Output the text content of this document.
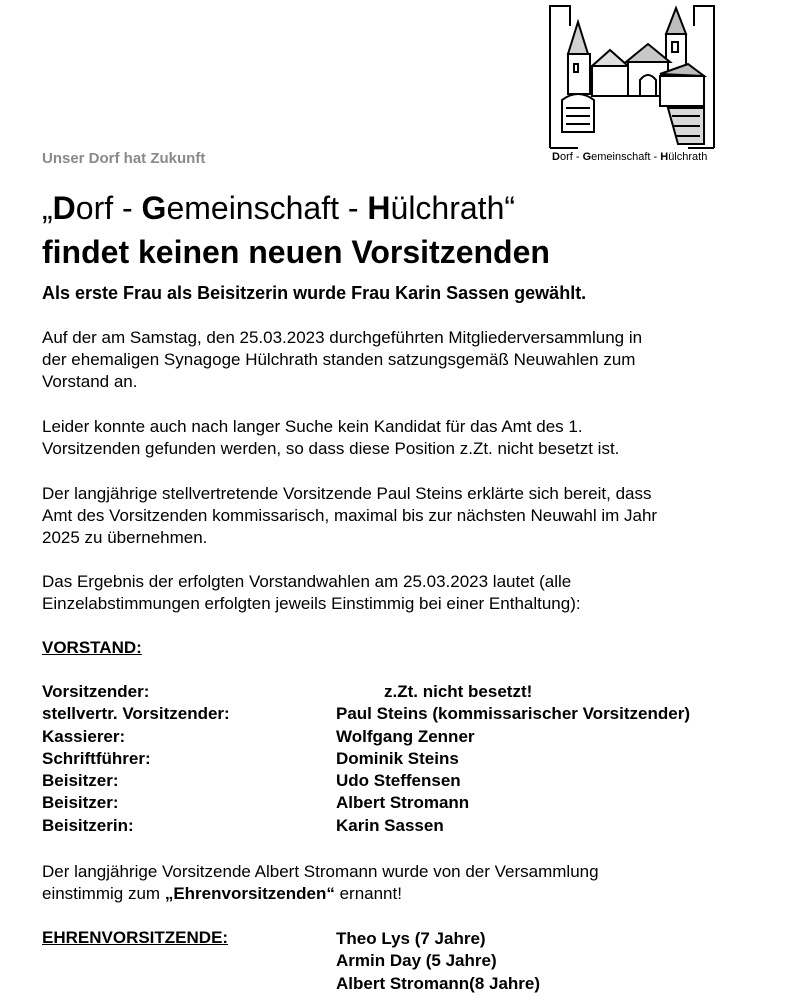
Dorf - Gemeinschaft - Hülchrath
Unser Dorf hat Zukunft
„Dorf - Gemeinschaft - Hülchrath“
findet keinen neuen Vorsitzenden
Als erste Frau als Beisitzerin wurde Frau Karin Sassen gewählt.
Auf der am Samstag, den 25.03.2023 durchgeführten Mitgliederversammlung in
der ehemaligen Synagoge Hülchrath standen satzungsgemäß Neuwahlen zum
Vorstand an.
Leider konnte auch nach langer Suche kein Kandidat für das Amt des 1.
Vorsitzenden gefunden werden, so dass diese Position z.Zt. nicht besetzt ist.
Der langjährige stellvertretende Vorsitzende Paul Steins erklärte sich bereit, dass
Amt des Vorsitzenden kommissarisch, maximal bis zur nächsten Neuwahl im Jahr
2025 zu übernehmen.
Das Ergebnis der erfolgten Vorstandwahlen am 25.03.2023 lautet (alle
Einzelabstimmungen erfolgten jeweils Einstimmig bei einer Enthaltung):
VORSTAND:
Vorsitzender:	z.Zt. nicht besetzt!
stellvertr. Vorsitzender:	Paul Steins (kommissarischer Vorsitzender)
Kassierer:	Wolfgang Zenner
Schriftführer:	Dominik Steins
Beisitzer:	Udo Steffensen
Beisitzer:	Albert Stromann
Beisitzerin:	Karin Sassen
Der langjährige Vorsitzende Albert Stromann wurde von der Versammlung
einstimmig zum „Ehrenvorsitzenden“ ernannt!
EHRENVORSITZENDE:	Theo Lys (7 Jahre)
Armin Day (5 Jahre)
Albert Stromann(8 Jahre)
